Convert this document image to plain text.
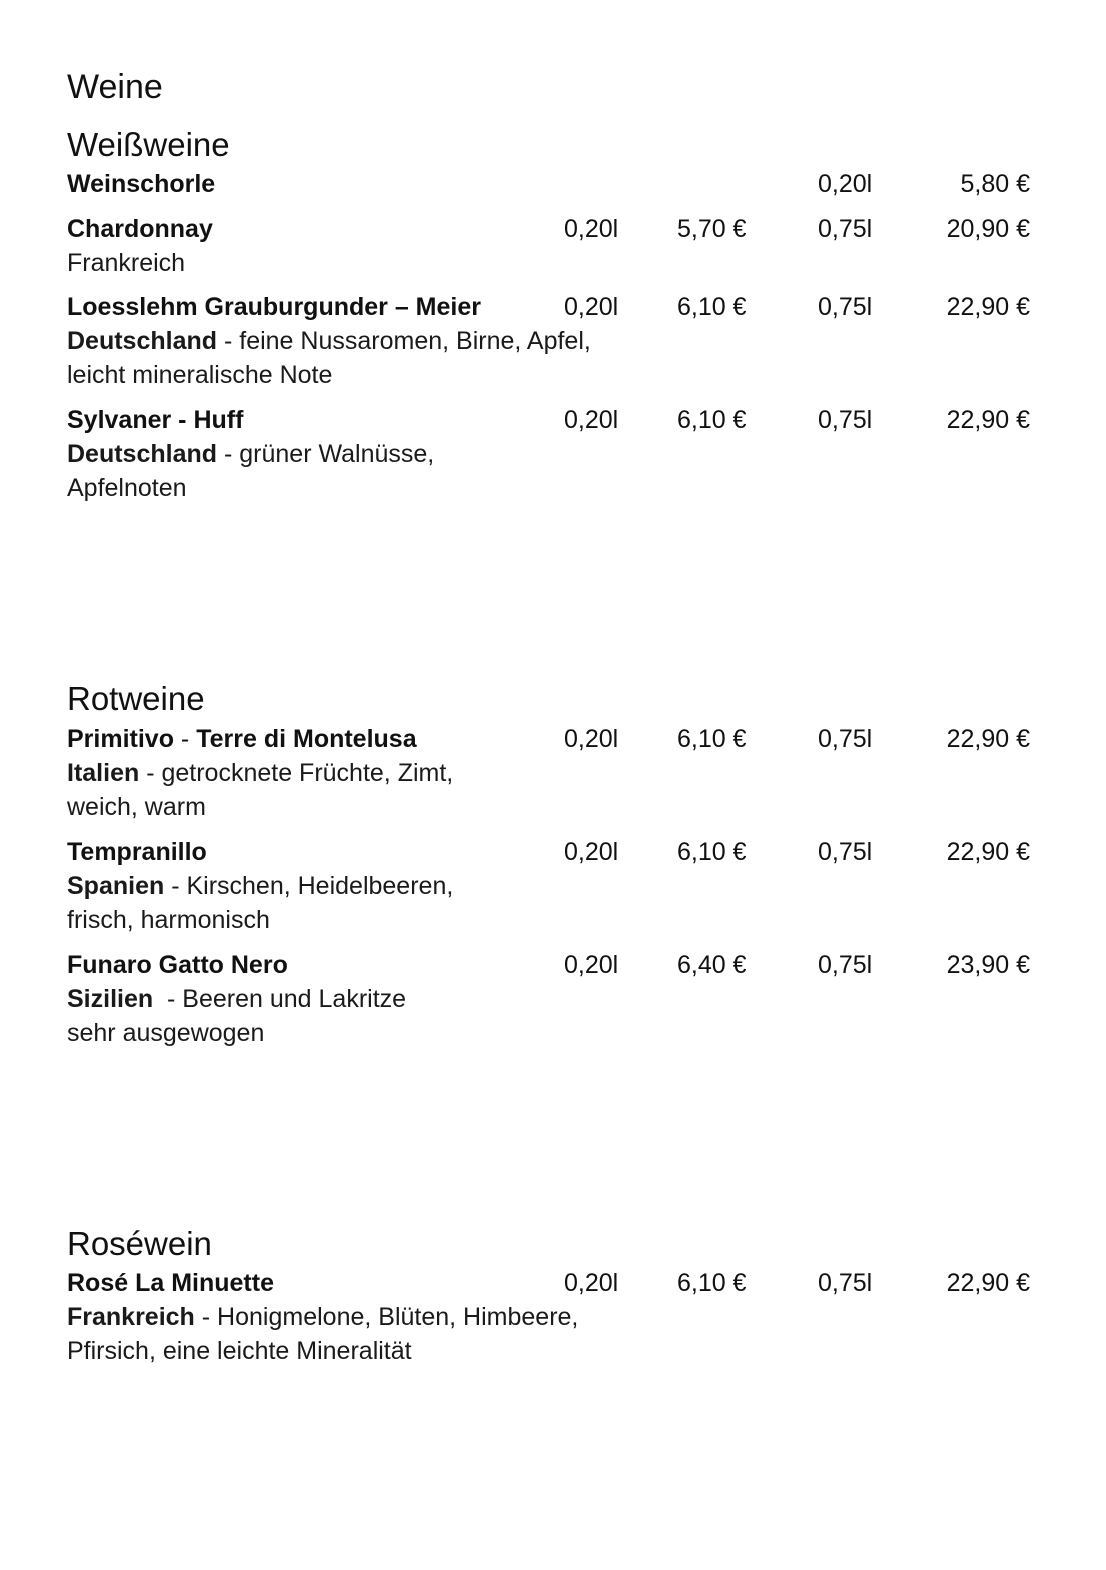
Weine
Weißweine
Weinschorle	0,20l	5,80 €
Chardonnay
Frankreich
0,20l 5,70 €	0,75l	20,90 €
Loesslehm Grauburgunder – Meier
Deutschland - feine Nussaromen, Birne, Apfel, leicht mineralische Note
0,20l 6,10 €	0,75l	22,90 €
Sylvaner - Huff
Deutschland - grüner Walnüsse, Apfelnoten
0,20l 6,10 €	0,75l	22,90 €
Rotweine
Primitivo - Terre di Montelusa
Italien - getrocknete Früchte, Zimt, weich, warm
0,20l 6,10 €	0,75l	22,90 €
Tempranillo
Spanien - Kirschen, Heidelbeeren, frisch, harmonisch
0,20l 6,10 €	0,75l	22,90 €
Funaro Gatto Nero
Sizilien  - Beeren und Lakritze
sehr ausgewogen
0,20l 6,40 €	0,75l	23,90 €
Roséwein
Rosé La Minuette
Frankreich - Honigmelone, Blüten, Himbeere, Pfirsich, eine leichte Mineralität
0,20l 6,10 €	0,75l	22,90 €
